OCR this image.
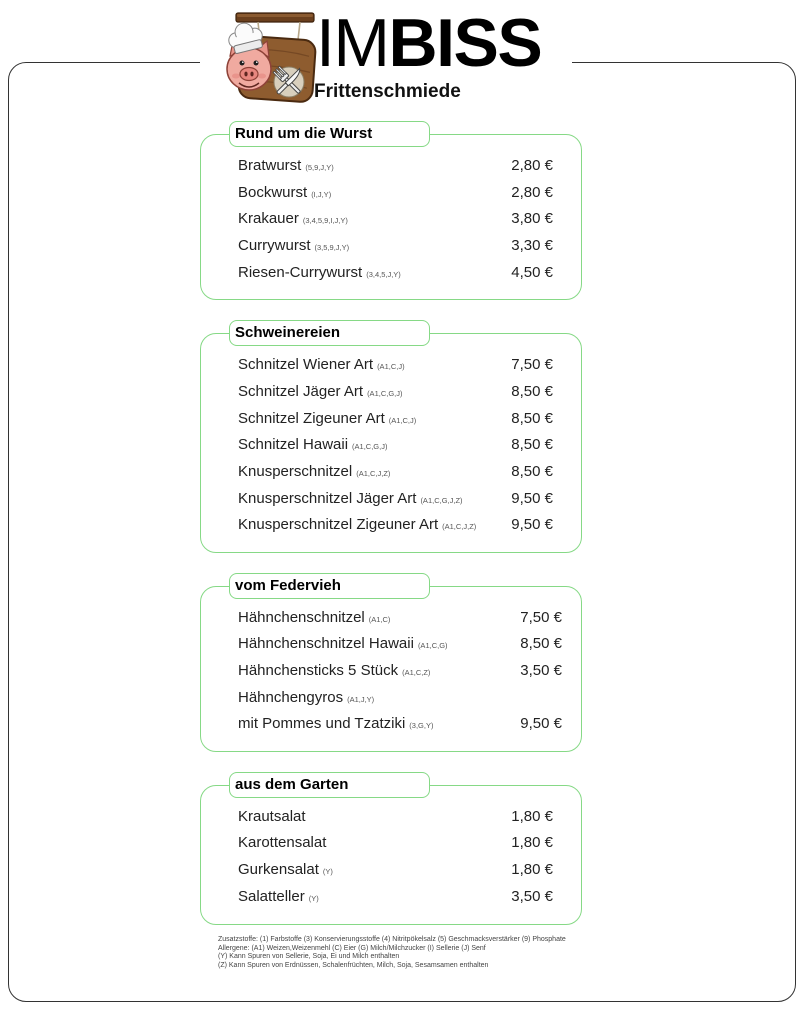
IMBISS
Frittenschmiede
Rund um die Wurst
Bratwurst (5,9,J,Y)	2,80 €
Bockwurst (I,J,Y)	2,80 €
Krakauer (3,4,5,9,I,J,Y)	3,80 €
Currywurst (3,5,9,J,Y)	3,30 €
Riesen-Currywurst (3,4,5,J,Y)	4,50 €
Schweinereien
Schnitzel Wiener Art (A1,C,J)	7,50 €
Schnitzel Jäger Art (A1,C,G,J)	8,50 €
Schnitzel Zigeuner Art (A1,C,J)	8,50 €
Schnitzel Hawaii (A1,C,G,J)	8,50 €
Knusperschnitzel (A1,C,J,Z)	8,50 €
Knusperschnitzel Jäger Art (A1,C,G,J,Z)	9,50 €
Knusperschnitzel Zigeuner Art (A1,C,J,Z) 9,50 €
vom Federvieh
Hähnchenschnitzel (A1,C)	7,50 €
Hähnchenschnitzel Hawaii (A1,C,G)	8,50 €
Hähnchensticks 5 Stück (A1,C,Z)	3,50 €
Hähnchengyros (A1,J,Y)
mit Pommes und Tzatziki (3,G,Y)	9,50 €
aus dem Garten
Krautsalat	1,80 €
Karottensalat	1,80 €
Gurkensalat (Y)	1,80 €
Salatteller (Y)	3,50 €
Zusatzstoffe: (1) Farbstoffe (3) Konservierungsstoffe (4) Nitritpökelsalz (5) Geschmacksverstärker (9) Phosphate
Allergene: (A1) Weizen,Weizenmehl (C) Eier (G) Milch/Milchzucker (I) Sellerie (J) Senf
(Y) Kann Spuren von Sellerie, Soja, Ei und Milch enthalten
(Z) Kann Spuren von Erdnüssen, Schalenfrüchten, Milch, Soja, Sesamsamen enthalten
